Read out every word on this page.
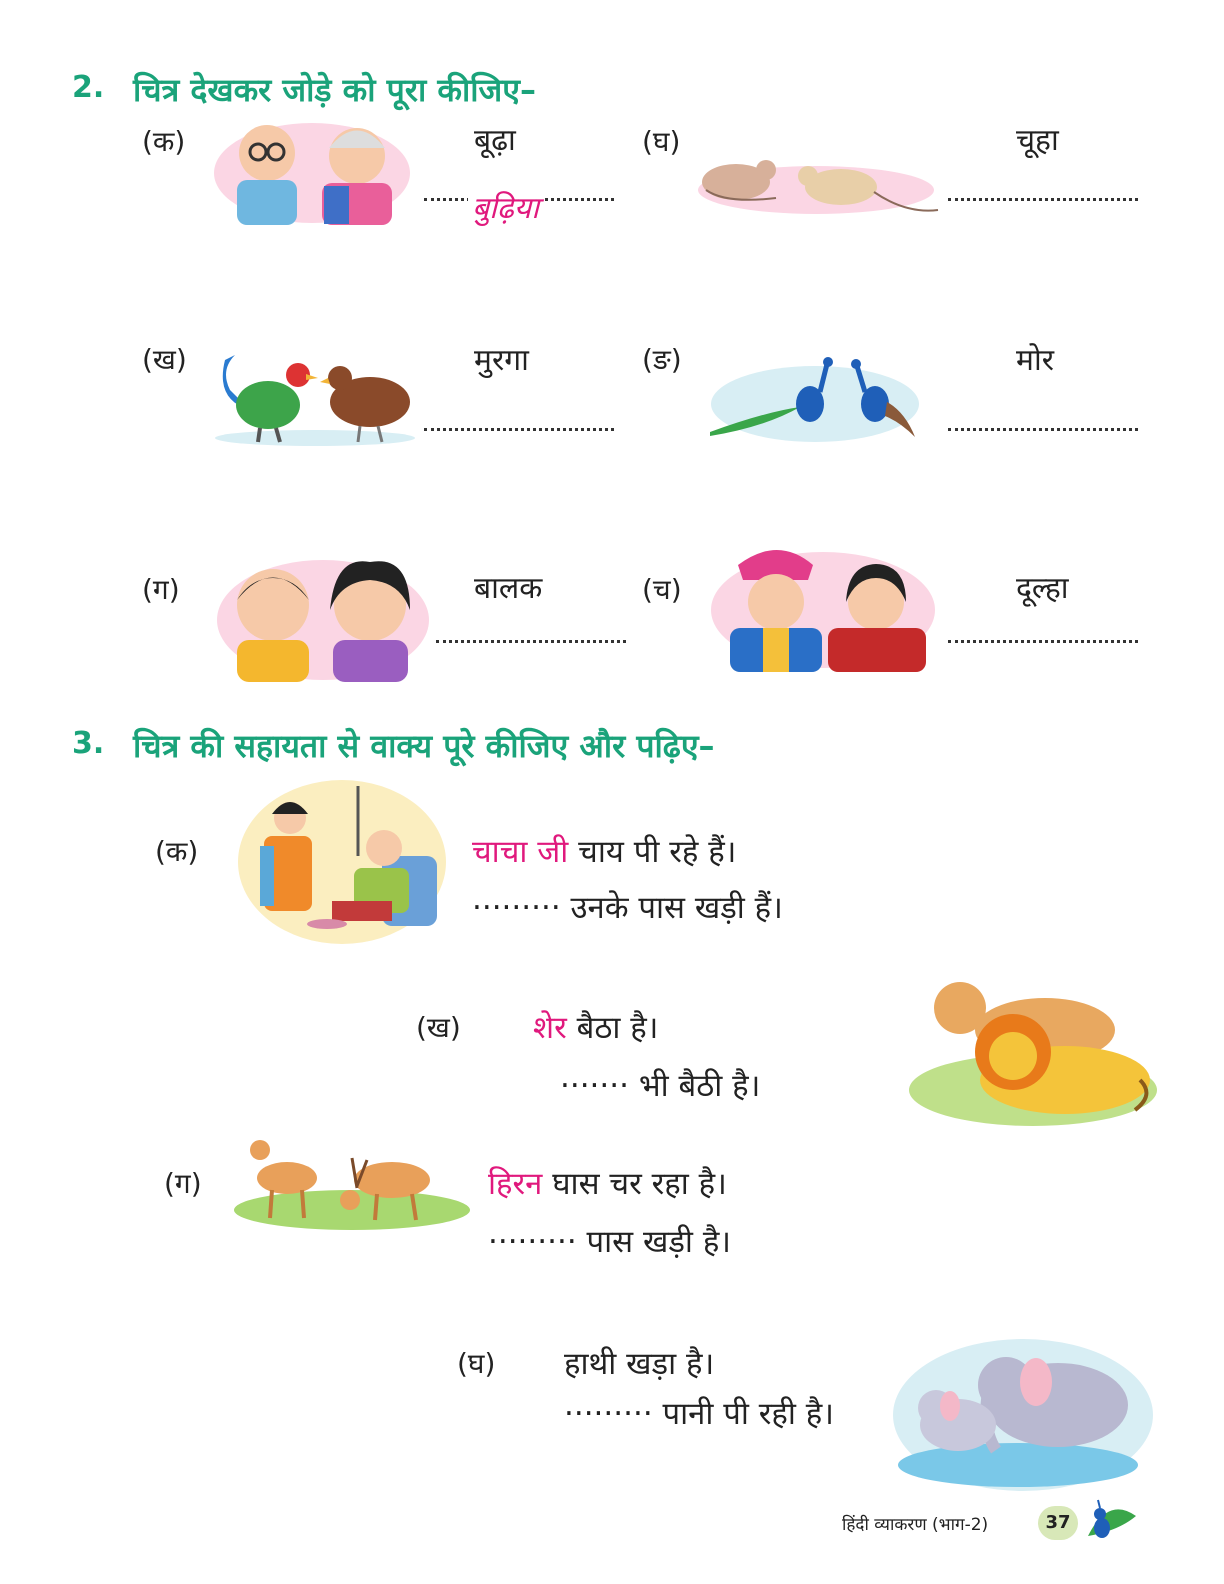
2. चित्र देखकर जोड़े को पूरा कीजिए–
(क)	बूढ़ा
बुढ़िया
(ख)	मुरगा
(ग)	बालक
(घ)	चूहा
(ङ)	मोर
(च)	दूल्हा
3. चित्र की सहायता से वाक्य पूरे कीजिए और पढ़िए–
(क)	चाचा जी चाय पी रहे हैं।
········· उनके पास खड़ी हैं।
(ख) शेर बैठा है।
······· भी बैठी है।
(ग)	हिरन घास चर रहा है।
········· पास खड़ी है।
(घ) हाथी खड़ा है।
········· पानी पी रही है।
हिंदी व्याकरण (भाग-2)	37
